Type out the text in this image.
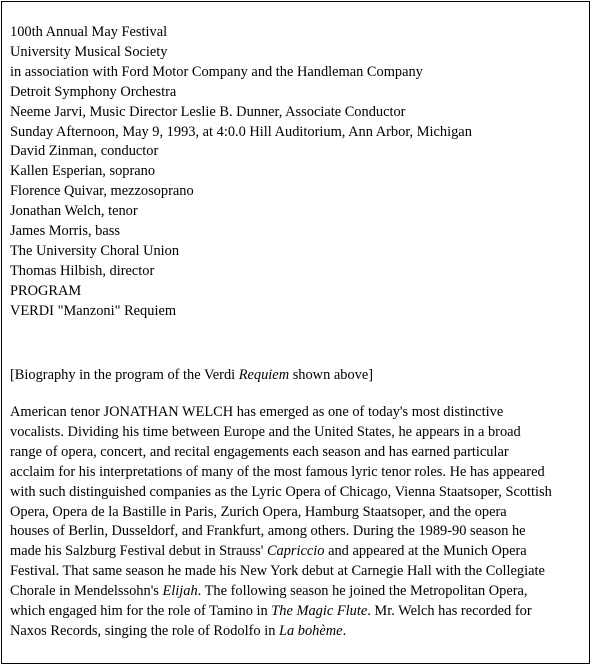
100th Annual May Festival
University Musical Society
in association with Ford Motor Company and the Handleman Company
Detroit Symphony Orchestra
Neeme Jarvi, Music Director Leslie B. Dunner, Associate Conductor
Sunday Afternoon, May 9, 1993, at 4:0.0 Hill Auditorium, Ann Arbor, Michigan
David Zinman, conductor
Kallen Esperian, soprano
Florence Quivar, mezzosoprano
Jonathan Welch, tenor
James Morris, bass
The University Choral Union
Thomas Hilbish, director
PROGRAM
VERDI "Manzoni" Requiem
[Biography in the program of the Verdi Requiem shown above]
American tenor JONATHAN WELCH has emerged as one of today's most distinctive
vocalists. Dividing his time between Europe and the United States, he appears in a broad
range of opera, concert, and recital engagements each season and has earned particular
acclaim for his interpretations of many of the most famous lyric tenor roles. He has appeared
with such distinguished companies as the Lyric Opera of Chicago, Vienna Staatsoper, Scottish
Opera, Opera de la Bastille in Paris, Zurich Opera, Hamburg Staatsoper, and the opera
houses of Berlin, Dusseldorf, and Frankfurt, among others. During the 1989-90 season he
made his Salzburg Festival debut in Strauss' Capriccio and appeared at the Munich Opera
Festival. That same season he made his New York debut at Carnegie Hall with the Collegiate
Chorale in Mendelssohn's Elijah. The following season he joined the Metropolitan Opera,
which engaged him for the role of Tamino in The Magic Flute. Mr. Welch has recorded for
Naxos Records, singing the role of Rodolfo in La bohème.
